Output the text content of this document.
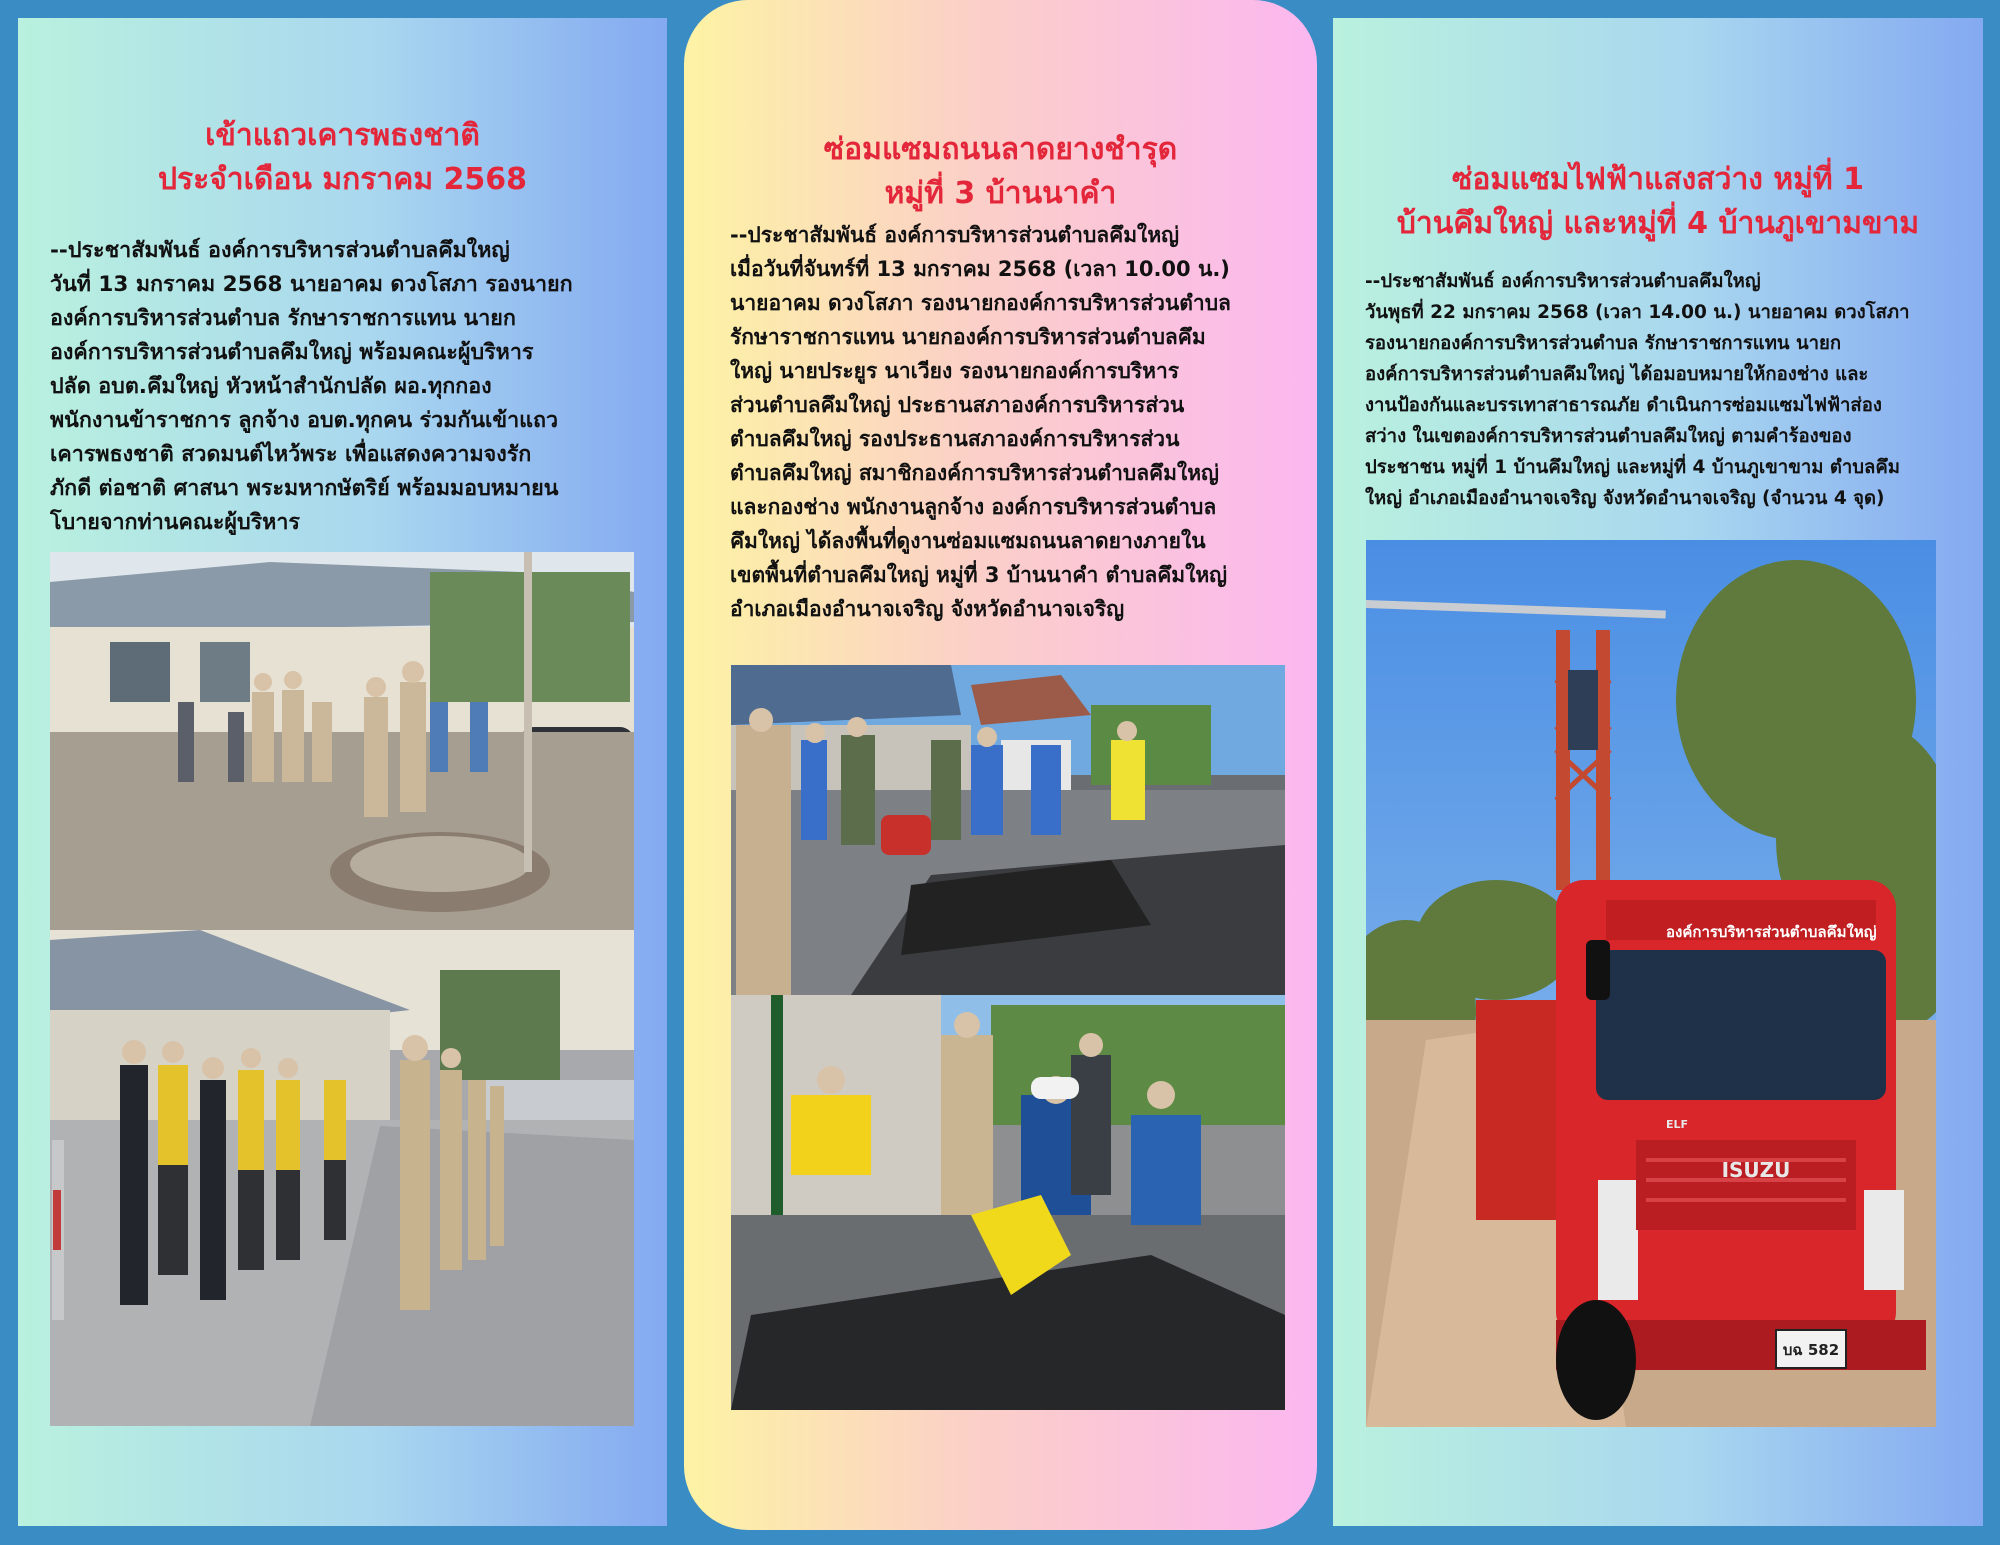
เข้าแถวเคารพธงชาติ
ประจำเดือน มกราคม 2568
--ประชาสัมพันธ์ องค์การบริหารส่วนตำบลคึมใหญ่
วันที่ 13 มกราคม 2568 นายอาคม ดวงโสภา รองนายก
องค์การบริหารส่วนตำบล รักษาราชการแทน นายก
องค์การบริหารส่วนตำบลคึมใหญ่ พร้อมคณะผู้บริหาร
ปลัด อบต.คึมใหญ่ หัวหน้าสำนักปลัด ผอ.ทุกกอง
พนักงานข้าราชการ ลูกจ้าง อบต.ทุกคน ร่วมกันเข้าแถว
เคารพธงชาติ สวดมนต์ไหว้พระ เพื่อแสดงความจงรัก
ภักดี ต่อชาติ ศาสนา พระมหากษัตริย์ พร้อมมอบหมายน
โบายจากท่านคณะผู้บริหาร
ซ่อมแซมถนนลาดยางชำรุด
หมู่ที่ 3 บ้านนาคำ
--ประชาสัมพันธ์ องค์การบริหารส่วนตำบลคึมใหญ่
เมื่อวันที่จันทร์ที่ 13 มกราคม 2568 (เวลา 10.00 น.)
นายอาคม ดวงโสภา รองนายกองค์การบริหารส่วนตำบล
รักษาราชการแทน นายกองค์การบริหารส่วนตำบลคึม
ใหญ่ นายประยูร นาเวียง รองนายกองค์การบริหาร
ส่วนตำบลคึมใหญ่ ประธานสภาองค์การบริหารส่วน
ตำบลคึมใหญ่ รองประธานสภาองค์การบริหารส่วน
ตำบลคึมใหญ่ สมาชิกองค์การบริหารส่วนตำบลคึมใหญ่
และกองช่าง พนักงานลูกจ้าง องค์การบริหารส่วนตำบล
คึมใหญ่ ได้ลงพื้นที่ดูงานซ่อมแซมถนนลาดยางภายใน
เขตพื้นที่ตำบลคึมใหญ่ หมู่ที่ 3 บ้านนาคำ ตำบลคึมใหญ่
อำเภอเมืองอำนาจเจริญ จังหวัดอำนาจเจริญ
ซ่อมแซมไฟฟ้าแสงสว่าง หมู่ที่ 1
บ้านคึมใหญ่ และหมู่ที่ 4 บ้านภูเขามขาม
--ประชาสัมพันธ์ องค์การบริหารส่วนตำบลคึมใหญ่
วันพุธที่ 22 มกราคม 2568 (เวลา 14.00 น.) นายอาคม ดวงโสภา
รองนายกองค์การบริหารส่วนตำบล รักษาราชการแทน นายก
องค์การบริหารส่วนตำบลคึมใหญ่ ได้อมอบหมายให้กองช่าง และ
งานป้องกันและบรรเทาสาธารณภัย ดำเนินการซ่อมแซมไฟฟ้าส่อง
สว่าง ในเขตองค์การบริหารส่วนตำบลคึมใหญ่ ตามคำร้องของ
ประชาชน หมู่ที่ 1 บ้านคึมใหญ่ และหมู่ที่ 4 บ้านภูเขาขาม ตำบลคึม
ใหญ่ อำเภอเมืองอำนาจเจริญ จังหวัดอำนาจเจริญ (จำนวน 4 จุด)
องค์การบริหารส่วนตำบลคึมใหญ่
ISUZU
ELF
บฉ 582
